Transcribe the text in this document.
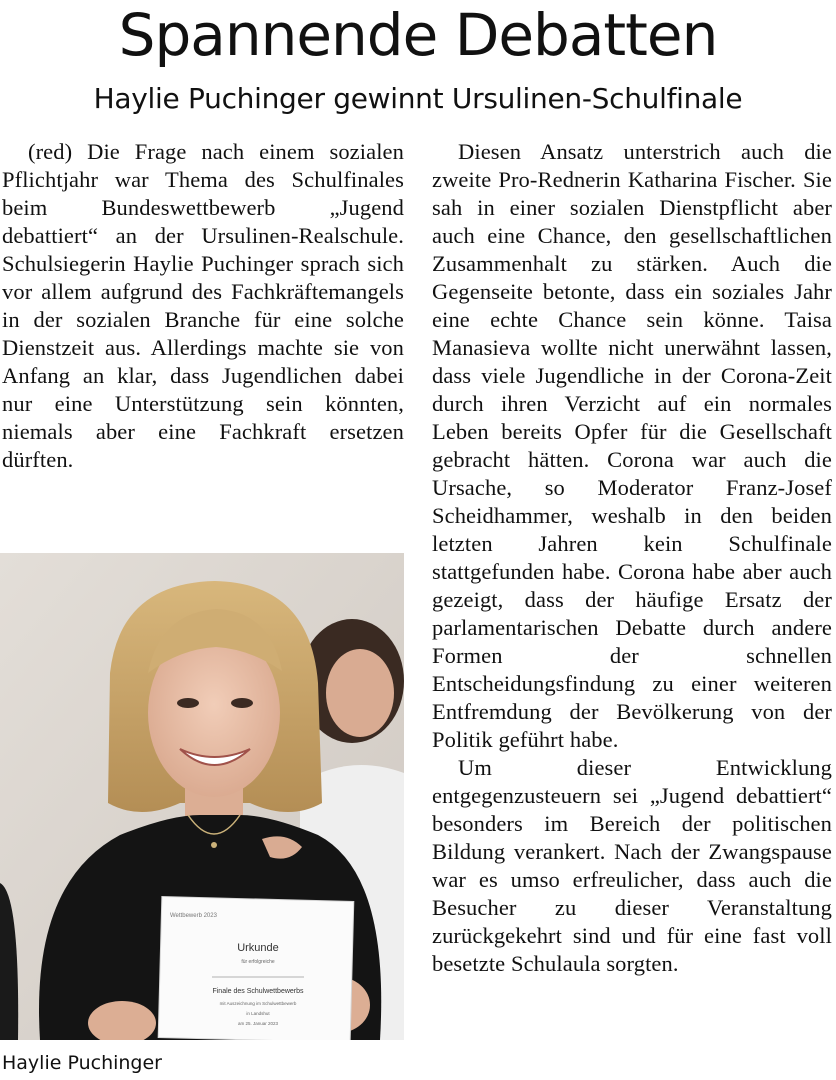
Spannende Debatten
Haylie Puchinger gewinnt Ursulinen-Schulfinale

(red) Die Frage nach einem sozialen Pflichtjahr war Thema des Schulfinales beim Bundeswettbewerb „Jugend debattiert“ an der Ursulinen-Realschule. Schulsiegerin Haylie Puchinger sprach sich vor allem aufgrund des Fachkräftemangels in der sozialen Branche für eine solche Dienstzeit aus. Allerdings machte sie von Anfang an klar, dass Jugendlichen dabei nur eine Unterstützung sein könnten, niemals aber eine Fachkraft ersetzen dürften.

Diesen Ansatz unterstrich auch die zweite Pro-Rednerin Katharina Fischer. Sie sah in einer sozialen Dienstpflicht aber auch eine Chance, den gesellschaftlichen Zusammenhalt zu stärken. Auch die Gegenseite betonte, dass ein soziales Jahr eine echte Chance sein könne. Taisa Manasieva wollte nicht unerwähnt lassen, dass viele Jugendliche in der Corona-Zeit durch ihren Verzicht auf ein normales Leben bereits Opfer für die Gesellschaft gebracht hätten. Corona war auch die Ursache, so Moderator Franz-Josef Scheidhammer, weshalb in den beiden letzten Jahren kein Schulfinale stattgefunden habe. Corona habe aber auch gezeigt, dass der häufige Ersatz der parlamentarischen Debatte durch andere Formen der schnellen Entscheidungsfindung zu einer weiteren Entfremdung der Bevölkerung von der Politik geführt habe.

Um dieser Entwicklung entgegenzusteuern sei „Jugend debattiert“ besonders im Bereich der politischen Bildung verankert. Nach der Zwangspause war es umso erfreulicher, dass auch die Besucher zu dieser Veranstaltung zurückgekehrt sind und für eine fast voll besetzte Schulaula sorgten.

Wettbewerb 2023
Urkunde
für erfolgreiche
Finale des Schulwettbewerbs
mit Auszeichnung im Schulwettbewerb
in Landshut
am 25. Januar 2023
Haylie Puchinger
